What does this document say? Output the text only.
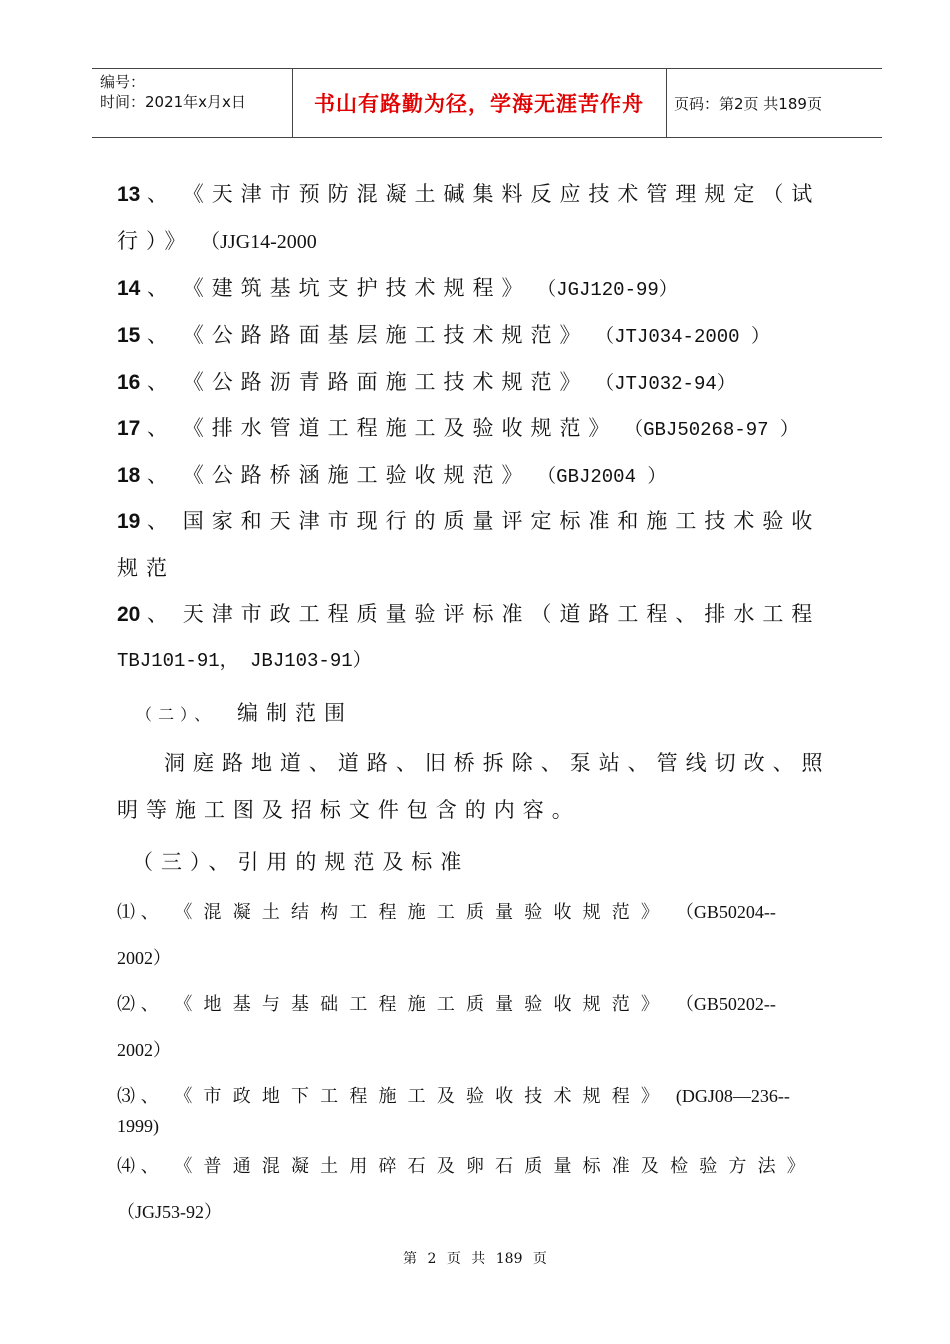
编号：
时间：2021年x月x日	书山有路勤为径，学海无涯苦作舟	页码：第2页 共189页
13 、 《天津市预防混凝土碱集料反应技术管理规定（试
行）》 （JJG14-2000
14 、 《建筑基坑支护技术规程》 （JGJ120-99）
15 、 《公路路面基层施工技术规范》 （JTJ034-2000 ）
16 、 《公路沥青路面施工技术规范》 （JTJ032-94）
17 、 《排水管道工程施工及验收规范》 （GBJ50268-97 ）
18 、 《公路桥涵施工验收规范》 （GBJ2004 ）
19 、 国家和天津市现行的质量评定标准和施工技术验收
规范
20 、 天津市政工程质量验评标准（道路工程、排水工程
TBJ101-91， JBJ103-91）
（二）、 编制范围
洞庭路地道、道路、旧桥拆除、泵站、管线切改、照
明等施工图及招标文件包含的内容。
（三）、引用的规范及标准
⑴ 、 《混凝土结构工程施工质量验收规范》 （GB50204--
2002）
⑵ 、 《地基与基础工程施工质量验收规范》 （GB50202--
2002）
⑶ 、 《市政地下工程施工及验收技术规程》 (DGJ08—236--
1999)
⑷ 、 《普通混凝土用碎石及卵石质量标准及检验方法》
（JGJ53-92）
第 2 页 共 189 页
